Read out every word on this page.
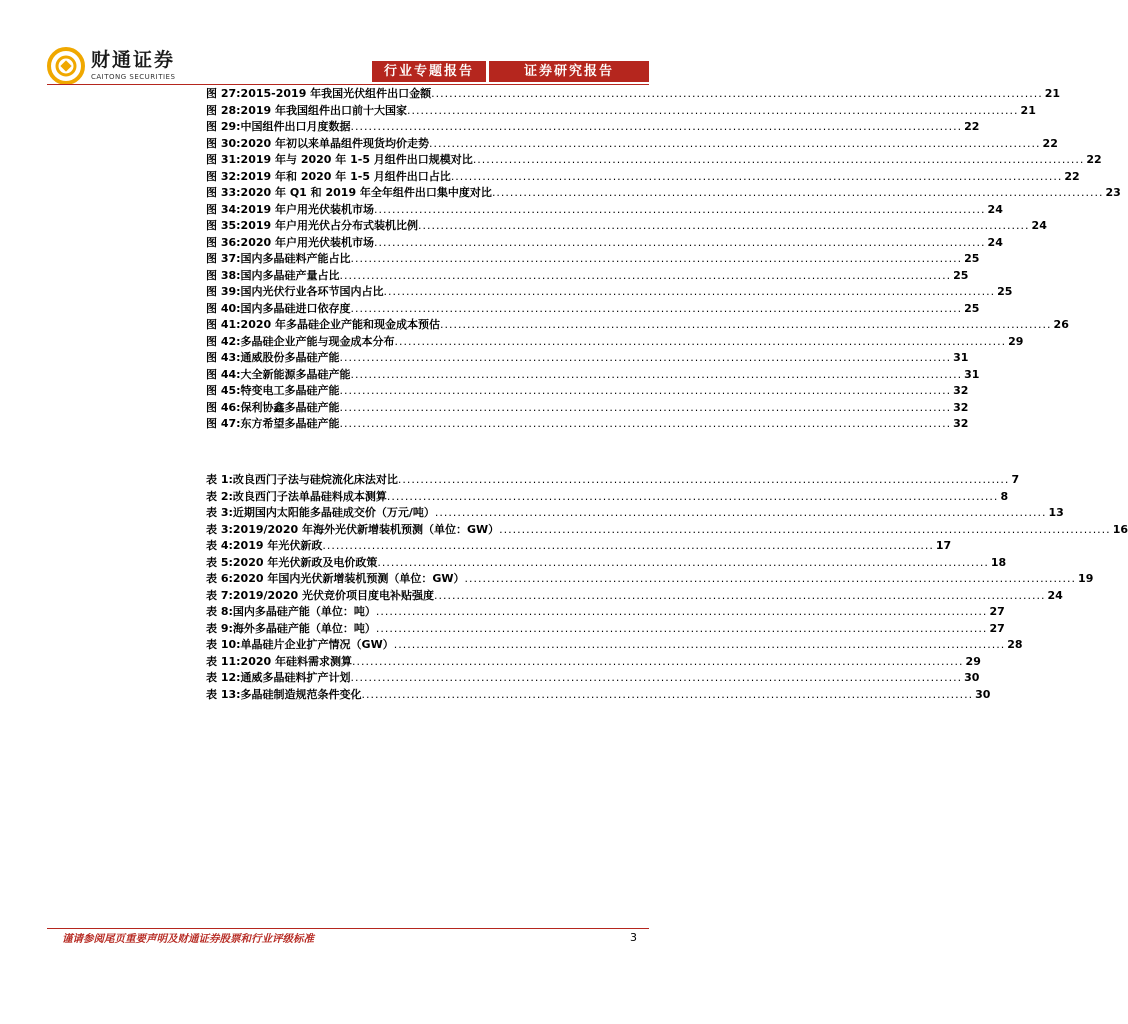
财通证券
CAITONG SECURITIES	行业专题报告	证券研究报告
图 27: 2015-2019 年我国光伏组件出口金额 .....	21
图 28: 2019 年我国组件出口前十大国家 .....	21
图 29: 中国组件出口月度数据 .....	22
图 30: 2020 年初以来单晶组件现货均价走势 .....	22
图 31: 2019 年与 2020 年 1-5 月组件出口规模对比 .....	22
图 32: 2019 年和 2020 年 1-5 月组件出口占比 .....	22
图 33: 2020 年 Q1 和 2019 年全年组件出口集中度对比 .....	23
图 34: 2019 年户用光伏装机市场 .....	24
图 35: 2019 年户用光伏占分布式装机比例 .....	24
图 36: 2020 年户用光伏装机市场 .....	24
图 37: 国内多晶硅料产能占比 .....	25
图 38: 国内多晶硅产量占比 .....	25
图 39: 国内光伏行业各环节国内占比 .....	25
图 40: 国内多晶硅进口依存度 .....	25
图 41: 2020 年多晶硅企业产能和现金成本预估 .....	26
图 42: 多晶硅企业产能与现金成本分布 .....	29
图 43: 通威股份多晶硅产能 .....	31
图 44: 大全新能源多晶硅产能 .....	31
图 45: 特变电工多晶硅产能 .....	32
图 46: 保利协鑫多晶硅产能 .....	32
图 47: 东方希望多晶硅产能 .....	32
表 1: 改良西门子法与硅烷流化床法对比 .....	7
表 2: 改良西门子法单晶硅料成本测算 .....	8
表 3: 近期国内太阳能多晶硅成交价（万元/吨） .....	13
表 3: 2019/2020 年海外光伏新增装机预测（单位：GW） .....	16
表 4: 2019 年光伏新政 .....	17
表 5: 2020 年光伏新政及电价政策 .....	18
表 6: 2020 年国内光伏新增装机预测（单位：GW） .....	19
表 7: 2019/2020 光伏竞价项目度电补贴强度 .....	24
表 8: 国内多晶硅产能（单位：吨） .....	27
表 9: 海外多晶硅产能（单位：吨） .....	27
表 10: 单晶硅片企业扩产情况（GW） .....	28
表 11: 2020 年硅料需求测算 .....	29
表 12: 通威多晶硅料扩产计划 .....	30
表 13: 多晶硅制造规范条件变化 .....	30
谨请参阅尾页重要声明及财通证券股票和行业评级标准	3
